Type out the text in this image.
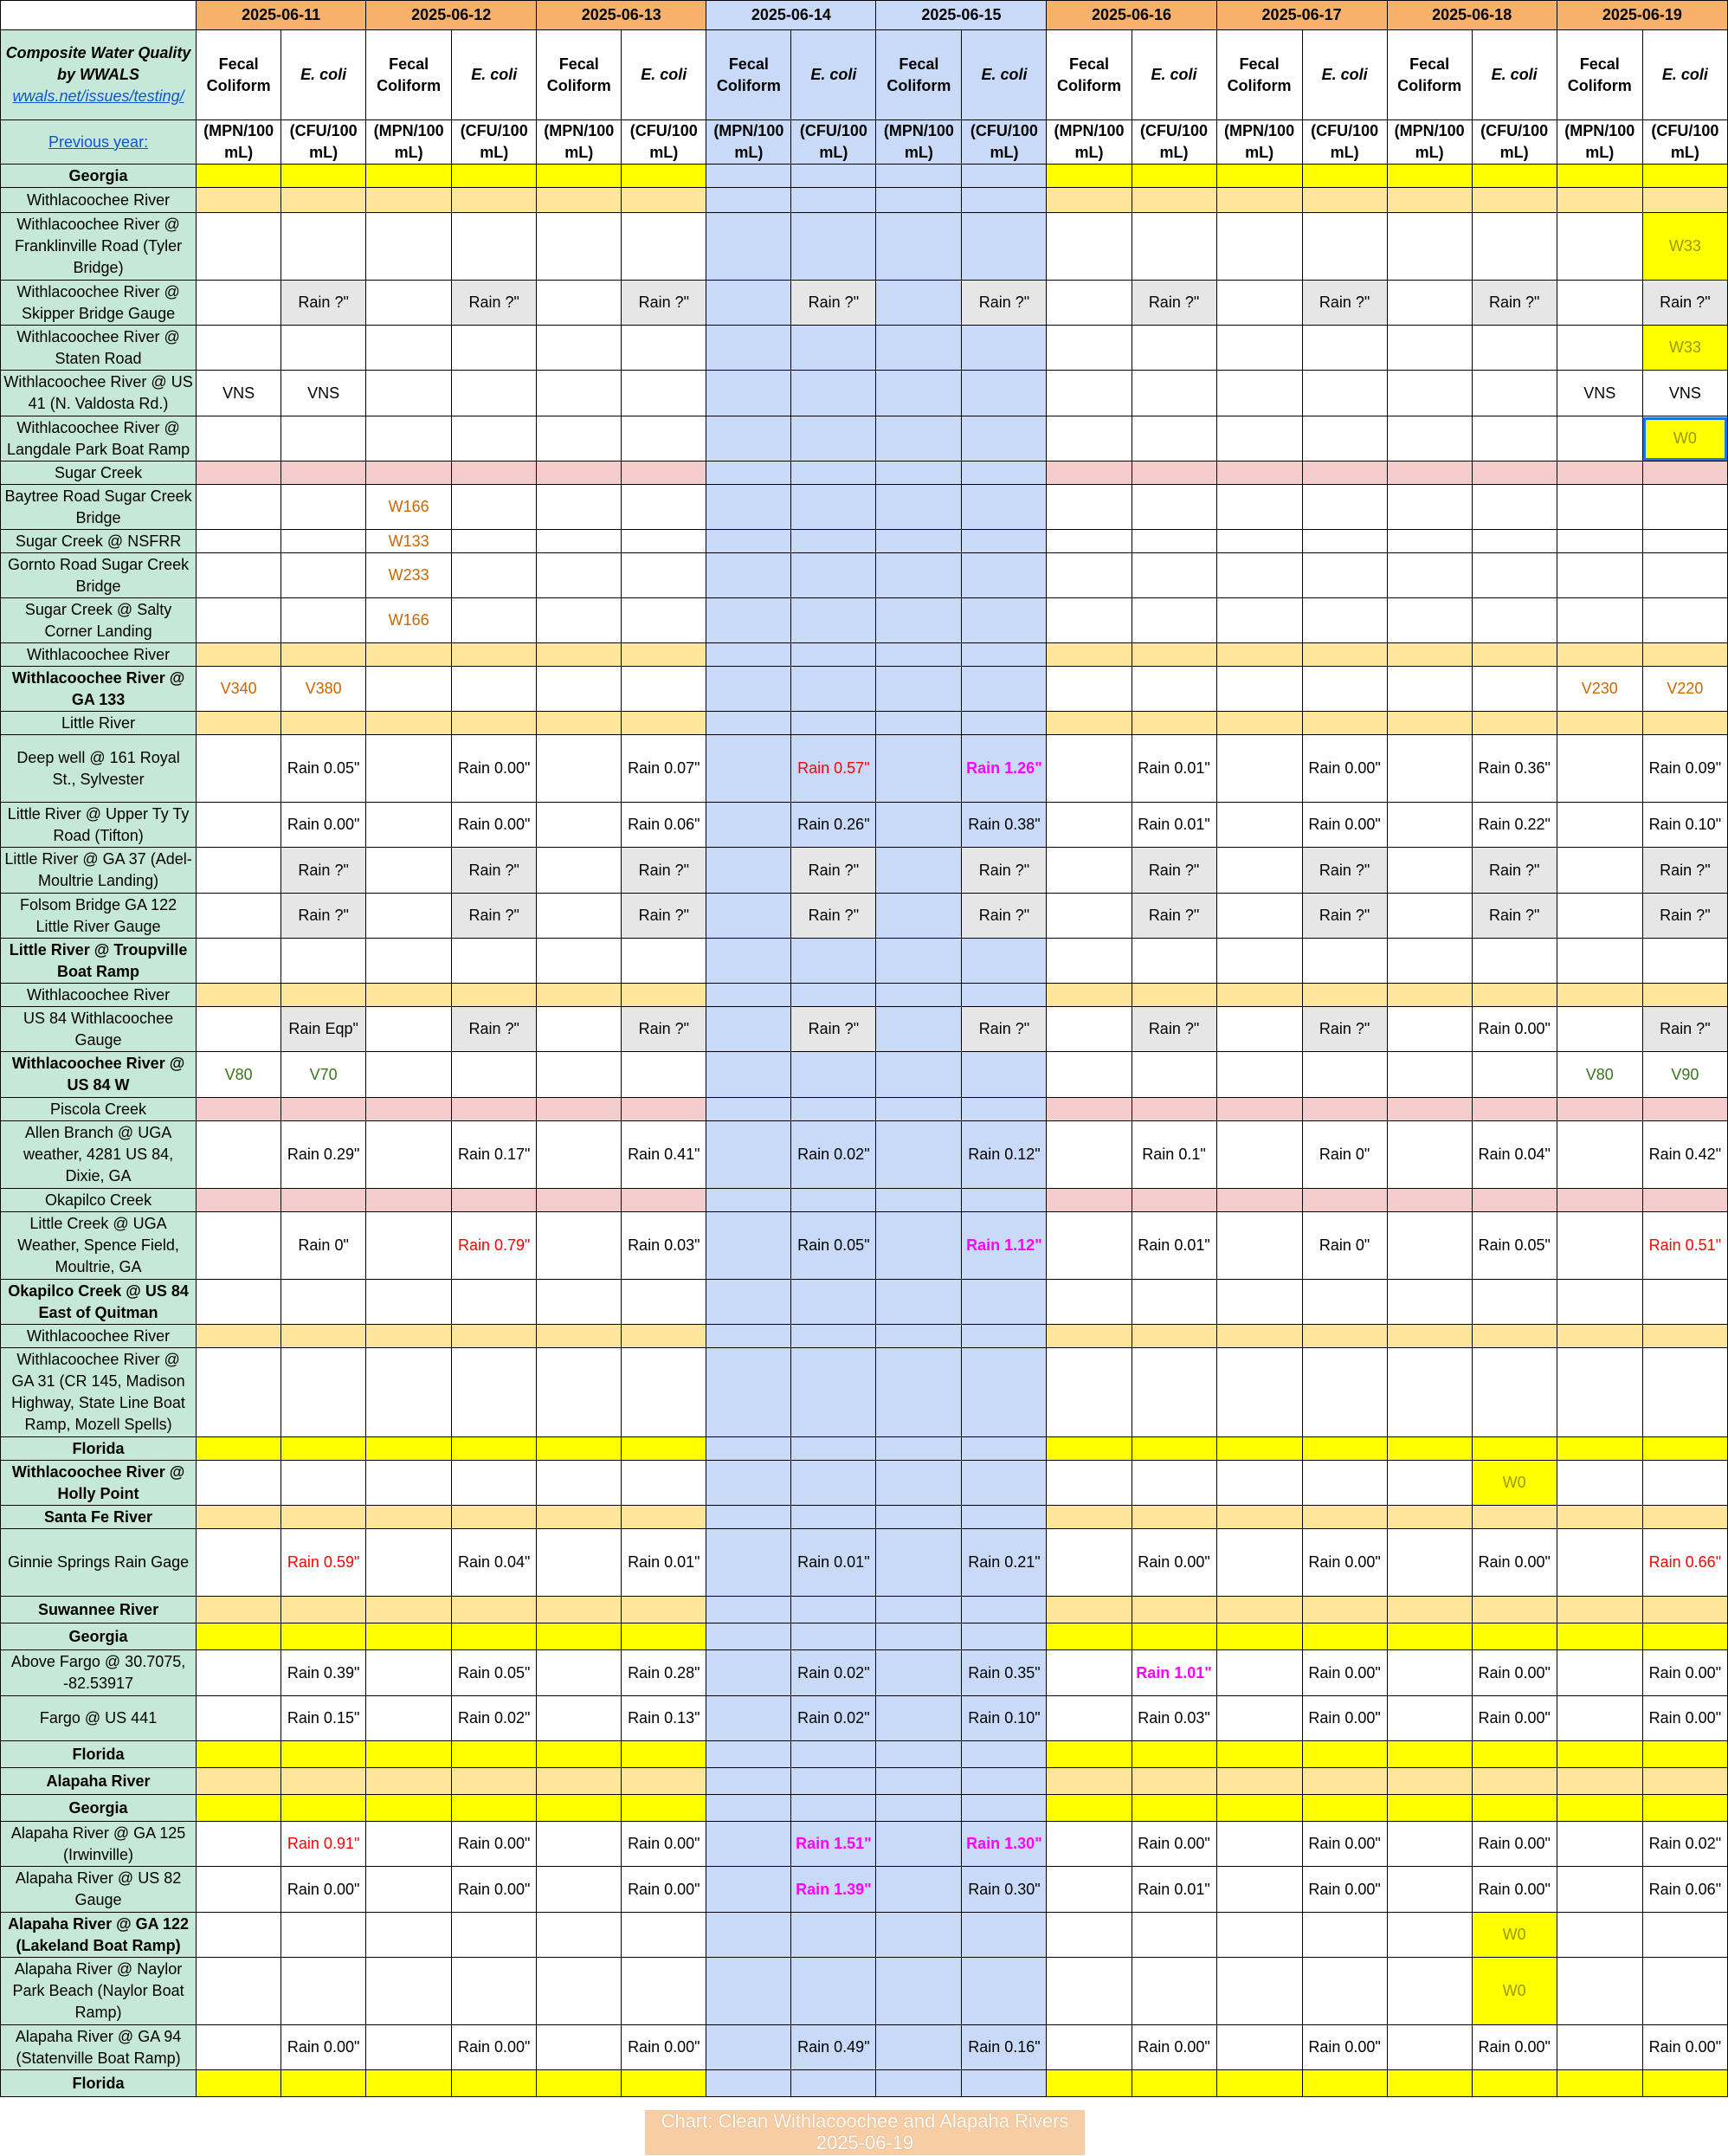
	2025-06-11		2025-06-12		2025-06-13		2025-06-14		2025-06-15		2025-06-16		2025-06-17		2025-06-18		2025-06-19	

Composite Water Quality
by WWALS
wwals.net/issues/testing/	Fecal Coliform	E. coli	Fecal Coliform	E. coli	Fecal Coliform	E. coli	Fecal Coliform	E. coli	Fecal Coliform	E. coli	Fecal Coliform	E. coli	Fecal Coliform	E. coli	Fecal Coliform	E. coli	Fecal Coliform	E. coli
Previous year:	(MPN/100 mL)	(CFU/100 mL)	(MPN/100 mL)	(CFU/100 mL)	(MPN/100 mL)	(CFU/100 mL)	(MPN/100 mL)	(CFU/100 mL)	(MPN/100 mL)	(CFU/100 mL)	(MPN/100 mL)	(CFU/100 mL)	(MPN/100 mL)	(CFU/100 mL)	(MPN/100 mL)	(CFU/100 mL)	(MPN/100 mL)	(CFU/100 mL)
Georgia																		
Withlacoochee River																		
Withlacoochee River @ Franklinville Road (Tyler Bridge)																		W33
Withlacoochee River @ Skipper Bridge Gauge		Rain ?"		Rain ?"		Rain ?"		Rain ?"		Rain ?"		Rain ?"		Rain ?"		Rain ?"		Rain ?"
Withlacoochee River @ Staten Road																		W33
Withlacoochee River @ US 41 (N. Valdosta Rd.)	VNS	VNS															VNS	VNS
Withlacoochee River @ Langdale Park Boat Ramp																		W0
Sugar Creek																		
Baytree Road Sugar Creek Bridge			W166															
Sugar Creek @ NSFRR			W133															
Gornto Road Sugar Creek Bridge			W233															
Sugar Creek @ Salty Corner Landing			W166															
Withlacoochee River																		
Withlacoochee River @ GA 133	V340	V380															V230	V220
Little River																		
Deep well @ 161 Royal St., Sylvester		Rain 0.05"		Rain 0.00"		Rain 0.07"		Rain 0.57"		Rain 1.26"		Rain 0.01"		Rain 0.00"		Rain 0.36"		Rain 0.09"
Little River @ Upper Ty Ty Road (Tifton)		Rain 0.00"		Rain 0.00"		Rain 0.06"		Rain 0.26"		Rain 0.38"		Rain 0.01"		Rain 0.00"		Rain 0.22"		Rain 0.10"
Little River @ GA 37 (Adel-Moultrie Landing)		Rain ?"		Rain ?"		Rain ?"		Rain ?"		Rain ?"		Rain ?"		Rain ?"		Rain ?"		Rain ?"
Folsom Bridge GA 122 Little River Gauge		Rain ?"		Rain ?"		Rain ?"		Rain ?"		Rain ?"		Rain ?"		Rain ?"		Rain ?"		Rain ?"
Little River @ Troupville Boat Ramp																		
Withlacoochee River																		
US 84 Withlacoochee Gauge		Rain Eqp"		Rain ?"		Rain ?"		Rain ?"		Rain ?"		Rain ?"		Rain ?"		Rain 0.00"		Rain ?"
Withlacoochee River @ US 84 W	V80	V70															V80	V90
Piscola Creek																		
Allen Branch @ UGA weather, 4281 US 84, Dixie, GA		Rain 0.29"		Rain 0.17"		Rain 0.41"		Rain 0.02"		Rain 0.12"		Rain 0.1"		Rain 0"		Rain 0.04"		Rain 0.42"
Okapilco Creek																		
Little Creek @ UGA Weather, Spence Field, Moultrie, GA		Rain 0"		Rain 0.79"		Rain 0.03"		Rain 0.05"		Rain 1.12"		Rain 0.01"		Rain 0"		Rain 0.05"		Rain 0.51"
Okapilco Creek @ US 84 East of Quitman																		
Withlacoochee River																		
Withlacoochee River @ GA 31 (CR 145, Madison Highway, State Line Boat Ramp, Mozell Spells)																		
Florida																		
Withlacoochee River @ Holly Point																W0		
Santa Fe River																		
Ginnie Springs Rain Gage		Rain 0.59"		Rain 0.04"		Rain 0.01"		Rain 0.01"		Rain 0.21"		Rain 0.00"		Rain 0.00"		Rain 0.00"		Rain 0.66"
Suwannee River																		
Georgia																		
Above Fargo @ 30.7075, -82.53917		Rain 0.39"		Rain 0.05"		Rain 0.28"		Rain 0.02"		Rain 0.35"		Rain 1.01"		Rain 0.00"		Rain 0.00"		Rain 0.00"
Fargo @ US 441		Rain 0.15"		Rain 0.02"		Rain 0.13"		Rain 0.02"		Rain 0.10"		Rain 0.03"		Rain 0.00"		Rain 0.00"		Rain 0.00"
Florida																		
Alapaha River																		
Georgia																		
Alapaha River @ GA 125 (Irwinville)		Rain 0.91"		Rain 0.00"		Rain 0.00"		Rain 1.51"		Rain 1.30"		Rain 0.00"		Rain 0.00"		Rain 0.00"		Rain 0.02"
Alapaha River @ US 82 Gauge		Rain 0.00"		Rain 0.00"		Rain 0.00"		Rain 1.39"		Rain 0.30"		Rain 0.01"		Rain 0.00"		Rain 0.00"		Rain 0.06"
Alapaha River @ GA 122 (Lakeland Boat Ramp)																W0		
Alapaha River @ Naylor Park Beach (Naylor Boat Ramp)																W0		
Alapaha River @ GA 94 (Statenville Boat Ramp)		Rain 0.00"		Rain 0.00"		Rain 0.00"		Rain 0.49"		Rain 0.16"		Rain 0.00"		Rain 0.00"		Rain 0.00"		Rain 0.00"
Florida																		
Chart: Clean Withlacoochee and Alapaha Rivers
2025-06-19
